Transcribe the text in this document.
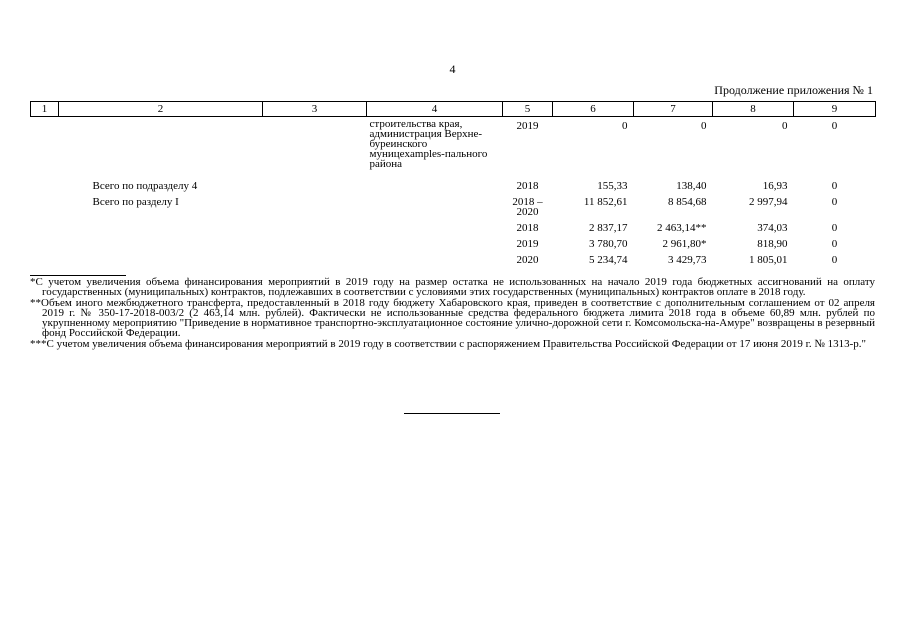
4
Продолжение приложения № 1
1	2	3	4	5	6	7	8	9
			строительства края, администрация Верхне-буреинского муницexamples-пального района	2019	0	0	0	0
	Всего по подразделу 4			2018	155,33	138,40	16,93	0
	Всего по разделу I			2018 – 2020	11 852,61	8 854,68	2 997,94	0
				2018	2 837,17	2 463,14**	374,03	0
				2019	3 780,70	2 961,80*	818,90	0
				2020	5 234,74	3 429,73	1 805,01	0

*С учетом увеличения объема финансирования мероприятий в 2019 году на размер остатка не использованных на начало 2019 года бюджетных ассигнований на оплату государственных (муниципальных) контрактов, подлежавших в соответствии с условиями этих государственных (муниципальных) контрактов оплате в 2018 году.

**Объем иного межбюджетного трансферта, предоставленный в 2018 году бюджету Хабаровского края, приведен в соответствие с дополнительным соглашением от 02 апреля 2019 г. № 350-17-2018-003/2 (2 463,14 млн. рублей). Фактически не использованные средства федерального бюджета лимита 2018 года в объеме 60,89 млн. рублей по укрупненному мероприятию "Приведение в нормативное транспортно-эксплуатационное состояние улично-дорожной сети г. Комсомольска-на-Амуре" возвращены в резервный фонд Российской Федерации.

***С учетом увеличения объема финансирования мероприятий в 2019 году в соответствии с распоряжением Правительства Российской Федерации от 17 июня 2019 г. № 1313-р."
